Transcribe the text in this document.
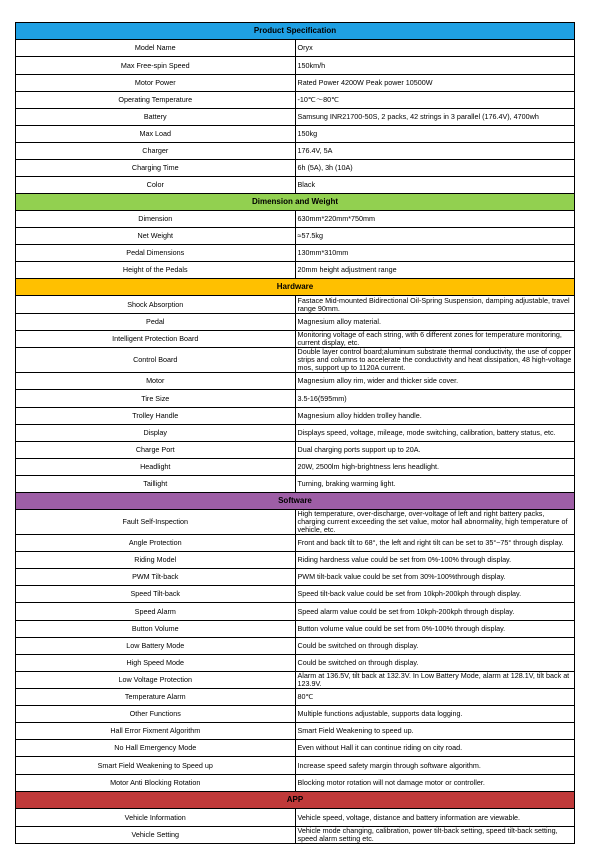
Product Specification	
Model Name	Oryx
Max Free-spin Speed	150km/h
Motor Power	Rated Power 4200W Peak power 10500W
Operating Temperature	-10℃～80℃
Battery	Samsung INR21700-50S, 2 packs, 42 strings in 3 parallel (176.4V), 4700wh
Max Load	150kg
Charger	176.4V, 5A
Charging Time	6h (5A), 3h (10A)
Color	Black
Dimension and Weight	
Dimension	630mm*220mm*750mm
Net Weight	≈57.5kg
Pedal Dimensions	130mm*310mm
Height of the Pedals	20mm height adjustment range
Hardware	
Shock Absorption	Fastace Mid-mounted Bidirectional Oil-Spring Suspension, damping adjustable, travel range 90mm.
Pedal	Magnesium alloy material.
Intelligent Protection Board	Monitoring voltage of each string, with 6 different zones for temperature monitoring, current display, etc.
Control Board	Double layer control board;aluminum substrate thermal conductivity, the use of copper strips and columns to accelerate the conductivity and heat dissipation, 48 high-voltage mos, support up to 1120A current.
Motor	Magnesium alloy rim, wider and thicker side cover.
Tire Size	3.5-16(595mm)
Trolley Handle	Magnesium alloy hidden trolley handle.
Display	Displays speed, voltage, mileage, mode switching, calibration, battery status, etc.
Charge Port	Dual charging ports support up to 20A.
Headlight	20W, 2500lm high-brightness lens headlight.
Taillight	Turning, braking warming light.
Software	
Fault Self-Inspection	High temperature, over-discharge, over-voltage of left and right battery packs, charging current exceeding the set value, motor hall abnormality, high temperature of vehicle, etc.
Angle Protection	Front and back tilt to 68°, the left and right tilt can be set to 35°~75° through display.
Riding Model	Riding hardness value could be set from 0%-100% through display.
PWM Tilt-back	PWM tilt-back value could be set from 30%-100%through display.
Speed Tilt-back	Speed tilt-back value could be set from 10kph-200kph through display.
Speed Alarm	Speed alarm value could be set from 10kph-200kph through display.
Button Volume	Button volume value could be set from 0%-100% through display.
Low Battery Mode	Could be switched on through display.
High Speed Mode	Could be switched on through display.
Low Voltage Protection	Alarm at 136.5V, tilt back at 132.3V. In Low Battery Mode, alarm at 128.1V, tilt back at 123.9V.
Temperature Alarm	80℃
Other Functions	Multiple functions adjustable, supports data logging.
Hall Error Fixment Algorithm	Smart Field Weakening to speed up.
No Hall Emergency Mode	Even without Hall it can continue riding on city road.
Smart Field Weakening to Speed up	Increase speed safety margin through software algorithm.
Motor Anti Blocking Rotation	Blocking motor rotation will not damage motor or controller.
APP	
Vehicle Information	Vehicle speed, voltage, distance and battery information are viewable.
Vehicle Setting	Vehicle mode changing, calibration, power tilt-back setting, speed tilt-back setting, speed alarm setting etc.
